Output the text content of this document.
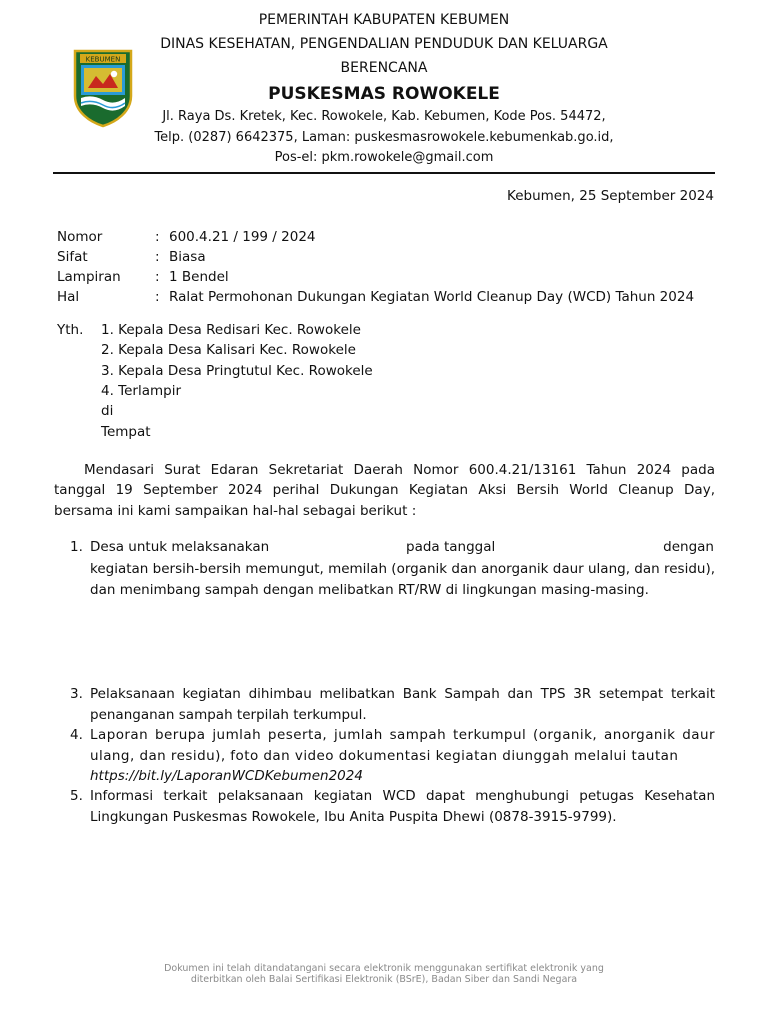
KEBUMEN
PEMERINTAH KABUPATEN KEBUMEN
DINAS KESEHATAN, PENGENDALIAN PENDUDUK DAN KELUARGA
BERENCANA
PUSKESMAS ROWOKELE
Jl. Raya Ds. Kretek, Kec. Rowokele, Kab. Kebumen, Kode Pos. 54472,
Telp. (0287) 6642375, Laman: puskesmasrowokele.kebumenkab.go.id,
Pos-el: pkm.rowokele@gmail.com
Kebumen, 25 September 2024
Nomor	: 600.4.21 / 199 / 2024
Sifat	: Biasa
Lampiran	: 1 Bendel
Hal	: Ralat Permohonan Dukungan Kegiatan World Cleanup Day (WCD) Tahun 2024
Yth. 1. Kepala Desa Redisari Kec. Rowokele
2. Kepala Desa Kalisari Kec. Rowokele
3. Kepala Desa Pringtutul Kec. Rowokele
4. Terlampir
di
Tempat
Mendasari Surat Edaran Sekretariat Daerah Nomor 600.4.21/13161 Tahun 2024 pada
tanggal 19 September 2024 perihal Dukungan Kegiatan Aksi Bersih World Cleanup Day,
bersama ini kami sampaikan hal-hal sebagai berikut :
1. Desa untuk melaksanakan	pada tanggal	dengan
kegiatan bersih-bersih memungut, memilah (organik dan anorganik daur ulang, dan residu), dan menimbang sampah dengan melibatkan RT/RW di lingkungan masing-masing.
3. Pelaksanaan kegiatan dihimbau melibatkan Bank Sampah dan TPS 3R setempat terkait penanganan sampah terpilah terkumpul.
4. Laporan berupa jumlah peserta, jumlah sampah terkumpul (organik, anorganik daur ulang, dan residu), foto dan video dokumentasi kegiatan diunggah melalui tautan
https://bit.ly/LaporanWCDKebumen2024
5. Informasi terkait pelaksanaan kegiatan WCD dapat menghubungi petugas Kesehatan Lingkungan Puskesmas Rowokele, Ibu Anita Puspita Dhewi (0878-3915-9799).
Dokumen ini telah ditandatangani secara elektronik menggunakan sertifikat elektronik yang
diterbitkan oleh Balai Sertifikasi Elektronik (BSrE), Badan Siber dan Sandi Negara
